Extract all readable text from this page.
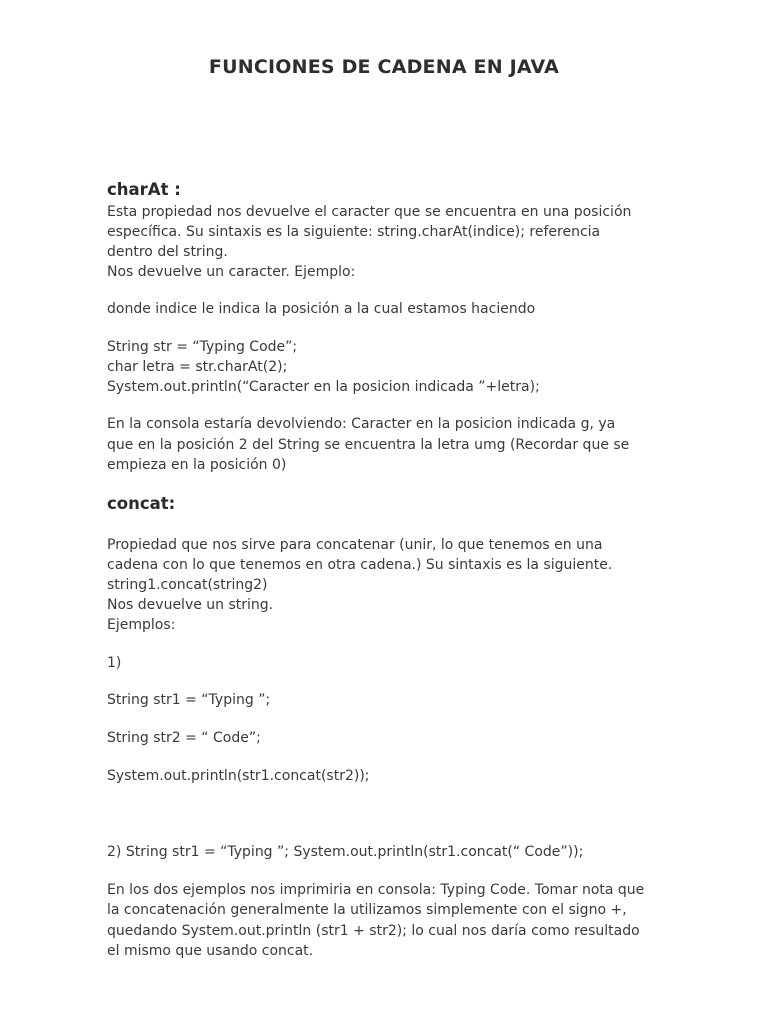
FUNCIONES DE CADENA EN JAVA
charAt :

Esta propiedad nos devuelve el caracter que se encuentra en una posición

específica. Su sintaxis es la siguiente: string.charAt(indice); referencia

dentro del string.

Nos devuelve un caracter. Ejemplo:

donde indice le indica la posición a la cual estamos haciendo

String str = “Typing Code”;

char letra = str.charAt(2);

System.out.println(“Caracter en la posicion indicada ”+letra);

En la consola estaría devolviendo: Caracter en la posicion indicada g, ya

que en la posición 2 del String se encuentra la letra umg (Recordar que se

empieza en la posición 0)

concat:

Propiedad que nos sirve para concatenar (unir, lo que tenemos en una

cadena con lo que tenemos en otra cadena.) Su sintaxis es la siguiente.

string1.concat(string2)

Nos devuelve un string.

Ejemplos:

1)

String str1 = “Typing ”;

String str2 = “ Code”;

System.out.println(str1.concat(str2));

2) String str1 = “Typing ”; System.out.println(str1.concat(“ Code”));

En los dos ejemplos nos imprimiria en consola: Typing Code. Tomar nota que

la concatenación generalmente la utilizamos simplemente con el signo +,

quedando System.out.println (str1 + str2); lo cual nos daría como resultado

el mismo que usando concat.
